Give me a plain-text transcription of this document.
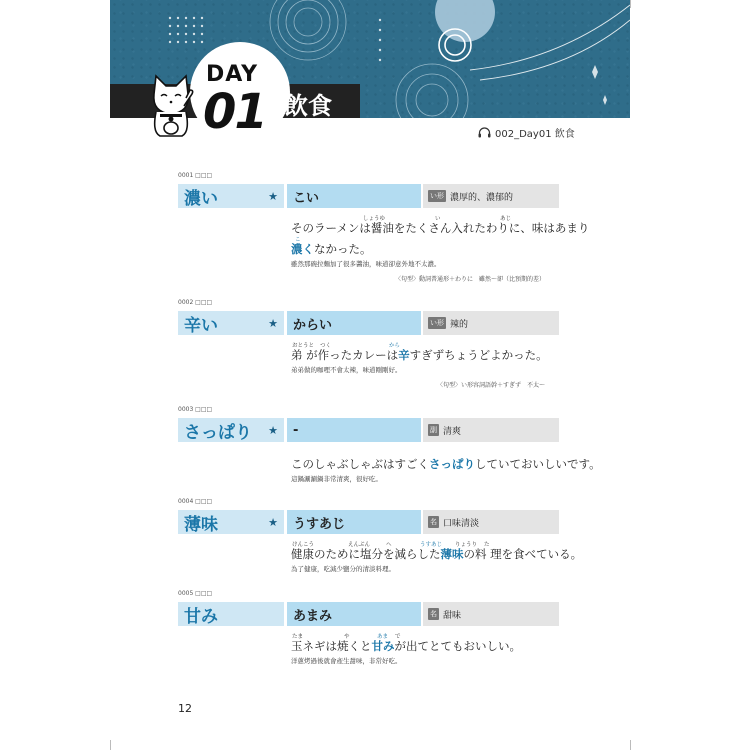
DAY
01 飲食
002_Day01 飲食
0001 □□□
濃い	★	こい	い形 濃厚的、濃郁的
しょうゆ	い	あじ
そのラーメンは醤油をたくさん入れたわりに、味はあまり
こ
濃くなかった。
雖然那碗拉麵加了很多醬油，味道卻意外地不太濃。
〈句型〉動詞普通形＋わりに　雖然～卻（比預期的差）
0002 □□□
辛い	★	からい	い形 辣的
おとうと つく	から
弟 が作ったカレーは辛すぎずちょうどよかった。
弟弟做的咖哩不會太辣，味道剛剛好。
〈句型〉い形容詞語幹＋すぎず　不太～
0003 □□□
さっぱり ★	-	副 清爽
このしゃぶしゃぶはすごくさっぱりしていておいしいです。
這鍋涮涮鍋非常清爽，很好吃。
0004 □□□
薄味	★	うすあじ	名 口味清淡
けんこう	えんぶん	へ	うすあじ りょうり た
健康のために塩分を減らした薄味の料 理を食べている。
為了健康，吃減少鹽分的清淡料理。
0005 □□□
甘み	あまみ	名 甜味
たま	や	あま で
玉ネギは焼くと甘みが出てとてもおいしい。
洋蔥烤過後就會產生甜味，非常好吃。
12
